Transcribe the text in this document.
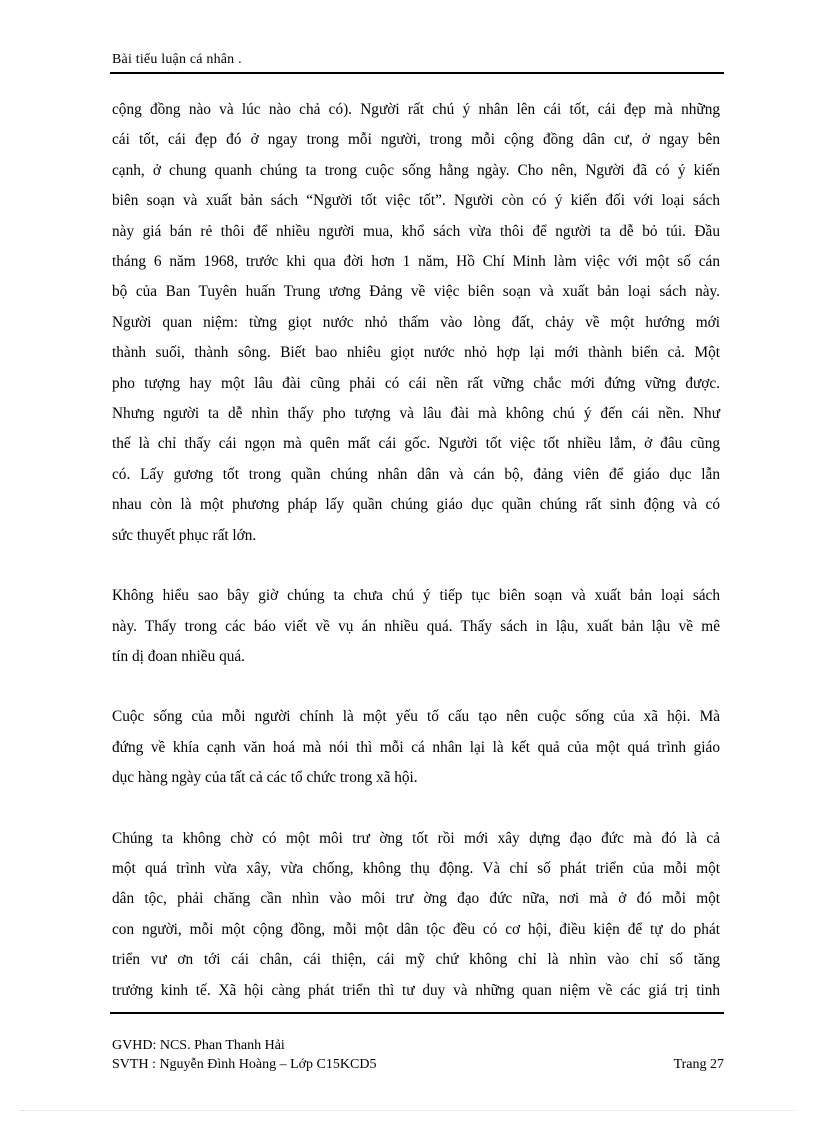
Bài tiểu luận cá nhân .
cộng đồng nào và lúc nào chả có). Người rất chú ý nhân lên cái tốt, cái đẹp mà những
cái tốt, cái đẹp đó ở ngay trong mỗi người, trong mỗi cộng đồng dân cư, ở ngay bên
cạnh, ở chung quanh chúng ta trong cuộc sống hằng ngày. Cho nên, Người đã có ý kiến
biên soạn và xuất bản sách “Người tốt việc tốt”. Người còn có ý kiến đối với loại sách
này giá bán rẻ thôi để nhiều người mua, khổ sách vừa thôi để người ta dễ bỏ túi. Đầu
tháng 6 năm 1968, trước khi qua đời hơn 1 năm, Hồ Chí Minh làm việc với một số cán
bộ của Ban Tuyên huấn Trung ương Đảng về việc biên soạn và xuất bản loại sách này.
Người quan niệm: từng giọt nước nhỏ thấm vào lòng đất, chảy về một hướng mới
thành suối, thành sông. Biết bao nhiêu giọt nước nhỏ hợp lại mới thành biển cả. Một
pho tượng hay một lâu đài cũng phải có cái nền rất vững chắc mới đứng vững được.
Nhưng người ta dễ nhìn thấy pho tượng và lâu đài mà không chú ý đến cái nền. Như
thế là chỉ thấy cái ngọn mà quên mất cái gốc. Người tốt việc tốt nhiều lắm, ở đâu cũng
có. Lấy gương tốt trong quần chúng nhân dân và cán bộ, đảng viên để giáo dục lẫn
nhau còn là một phương pháp lấy quần chúng giáo dục quần chúng rất sinh động và có
sức thuyết phục rất lớn.
Không hiểu sao bây giờ chúng ta chưa chú ý tiếp tục biên soạn và xuất bản loại sách
này. Thấy trong các báo viết về vụ án nhiều quá. Thấy sách in lậu, xuất bản lậu về mê
tín dị đoan nhiều quá.
Cuộc sống của mỗi người chính là một yếu tố cấu tạo nên cuộc sống của xã hội. Mà
đứng về khía cạnh văn hoá mà nói thì mỗi cá nhân lại là kết quả của một quá trình giáo
dục hàng ngày của tất cả các tổ chức trong xã hội.
Chúng ta không chờ có một môi trư ờng tốt rồi mới xây dựng đạo đức mà đó là cả
một quá trình vừa xây, vừa chống, không thụ động. Và chỉ số phát triển của mỗi một
dân tộc, phải chăng cần nhìn vào môi trư ờng đạo đức nữa, nơi mà ở đó mỗi một
con người, mỗi một cộng đồng, mỗi một dân tộc đều có cơ hội, điều kiện để tự do phát
triển vư ơn tới cái chân, cái thiện, cái mỹ chứ không chỉ là nhìn vào chỉ số tăng
trưởng kinh tế. Xã hội càng phát triển thì tư duy và những quan niệm về các giá trị tinh
GVHD: NCS. Phan Thanh Hải
SVTH : Nguyễn Đình Hoàng – Lớp C15KCD5	Trang 27
